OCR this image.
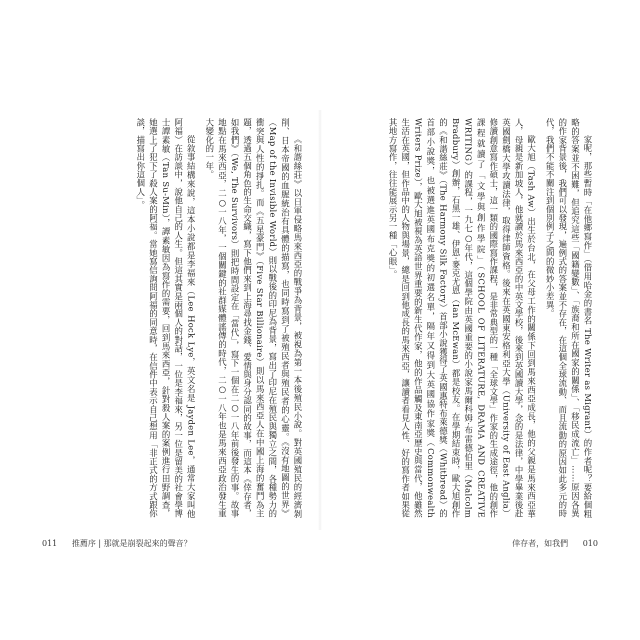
家呢，那些暫時「在他鄉寫作」（借用哈金的書名 The Writer as Migrant）的作者呢？要給個粗略的答案並不困難，但追究這些「國籍變數」、「族裔和所在國家的關係」、「移民成流亡」……原因各異的作家背景後，我們可以發現，遍例式的答案並不存在，在這個全球流動、而且流動的原因如此多元的時代，我們不能不關注到個別例子之間的微妙小差異。

歐大旭（Tash Aw）出生於台北，在父母工作的關係下回到馬來西亞成長，他的父親是馬來西亞華人，母親是新加坡人，他就讀於馬來西亞的中英文學校，後來到英國讀大學，念的是法律，中學畢業後赴英國劍橋大學攻讀法律，取得律師資格。後來在英國東安格利亞大學（University of East Anglia）修讀創意寫作碩士，這一類的國際寫作課程，是非常典型的一種「全球文學」作家的生成途徑，他的創作課程就讀了「文學與創作學院」（SCHOOL OF LITERATURE, DRAMA AND CREATIVE WRITING）的課程，一九七○年代，這個學院由英國重要的小說家馬爾科姆·布雷德伯里（Malcolm Bradbury）創辦，石黑一雄、伊恩·麥克尤恩（Ian McEwan）都是校友。在學期結束時，歐大旭創作的《和諧絲莊》（The Harmony Silk Factory）首部小說獲得了英國惠特布萊德獎（Whitbread）的首部小說獎，也被選進英國布克獎的初選名單，隔年又得到大英國協作家獎（Commonwealth Writers Prize），歐大旭被視為英語世界重要的新生代作家，他的作品觸及東南亞歷史與當代，他雖然生活在英國，但作品中的人物與場景，總是回到他成長的馬來西亞，讓讀者看見人性、好的寫作者如果從其地方寫作，往往能展示另一種「心眼」。

《和諧絲莊》以日軍侵略馬來西亞的戰爭為背景，被視為第一本後殖民小說。對英國殖民的經濟剝削、日本帝國的血腥統治有具體的描寫，也同時寫到了被殖民者與殖民者的心靈。《沒有地圖的世界》（Map of the Invisible World）則以戰後的印尼為背景，寫出了印尼在殖民與獨立之間，各種勢力的衝突與人性的掙扎。而《五星豪門》（Five Star Billionaire）則以馬來西亞人在中國上海的奮鬥為主題，透過五個角色的生命交織，寫下他們來到上海尋找金錢、愛情與身分認同的故事，而這本《倖存者，如我們》（We, The Survivors）則把時間設定在「當代」，寫下一個在二○一八年前後發生的事。故事地點在馬來西亞，二○一八年，一個關鍵的社群媒體謠傳的時代，二○一八年也是馬來西亞政治發生重大變化的一年。

從敘事結構來說，這本小說都是李福來（Lee Hock Lye，英文名是 Jayden Lee，通常大家叫他阿福）在訪談中，說他自己的人生。但這其實是兩個人的對話，一位是李福來，另一位是留美的社會學博士譚素敏（Tan Su-Min），譚素敏因為寫作的需要，回到馬來西亞，針對殺人案的案例進行田野調查，她選上了犯下了殺人案的阿福。當她寫信詢問阿福的同意時，在信件中表示自己想用「非正式的方式跟你談，描寫出你這個人」。

011 推薦序 | 那就是崩裂起來的聲音？	倖存者，如我們 010
